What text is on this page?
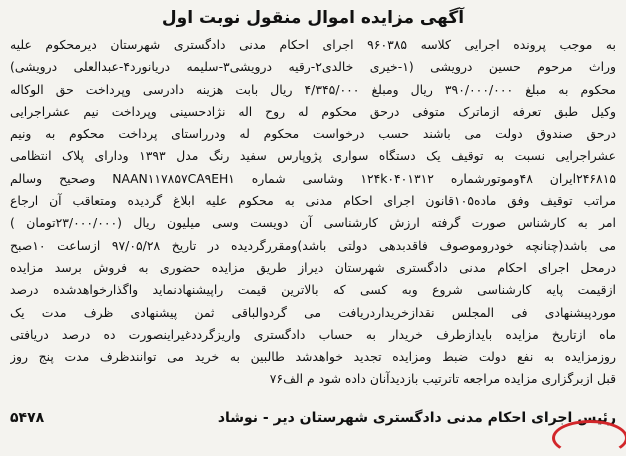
آگهی مزایده اموال منقول نوبت اول
به موجب پرونده اجرایی کلاسه ۹۶۰۳۸۵ اجرای احکام مدنی دادگستری شهرستان دیرمحکوم علیه
وراث مرحوم حسین درویشی (۱-خیری خالدی۲-رقیه درویشی۳-سلیمه دریانورد۴-عبدالعلی درویشی)
محکوم به مبلغ ۳۹۰/۰۰۰/۰۰۰ ریال ومبلغ ۴/۳۴۵/۰۰۰ ریال بابت هزینه دادرسی وپرداخت حق الوکاله
وکیل طبق تعرفه ازماترک متوفی درحق محکوم له روح اله نژادحسینی وپرداخت نیم عشراجرایی
درحق صندوق دولت می باشند حسب درخواست محکوم له ودرراستای پرداخت محکوم به ونیم
عشراجرایی نسبت به توقیف یک دستگاه سواری پژوپارس سفید رنگ مدل ۱۳۹۳ ودارای پلاک انتظامی
۲۴۶۸۱۵ایران ۴۸وموتورشماره ۱۲۴k۰۴۰۱۳۱۲ وشاسی شماره NAAN۱۱۷۸۵۷CA۹EH۱ وصحیح وسالم
مراتب توقیف وفق ماده۱۰۵قانون اجرای احکام مدنی به محکوم علیه ابلاغ گردیده ومتعاقب آن ارجاع
امر به کارشناس صورت گرفته ارزش کارشناسی آن دویست وسی میلیون ریال (۲۳/۰۰۰/۰۰۰تومان )
می باشد(چنانچه خودروموصوف فاقدبدهی دولتی باشد)ومقررگردیده در تاریخ ۹۷/۰۵/۲۸ ازساعت ۱۰صبح
درمحل اجرای احکام مدنی دادگستری شهرستان دیراز طریق مزایده حضوری به فروش برسد مزایده
ازقیمت پایه کارشناسی شروع وبه کسی که بالاترین قیمت راپیشنهادنماید واگذارخواهدشده درصد
موردپیشنهادی فی المجلس نقدازخریداردریافت می گردوالباقی ثمن پیشنهادی ظرف مدت یک
ماه ازتاریخ مزایده بایدازطرف خریدار به حساب دادگستری واریزگرددغیراینصورت ده درصد دریافتی
روزمزایده به نفع دولت ضبط ومزایده تجدید خواهدشد طالبین به خرید می توانندظرف مدت پنج روز
قبل ازبرگزاری مزایده مراجعه تاترتیب بازدیدآنان داده شود م الف۷۶
رئیس اجرای احکام مدنی دادگستری شهرستان دیر - نوشاد
۵۴۷۸
